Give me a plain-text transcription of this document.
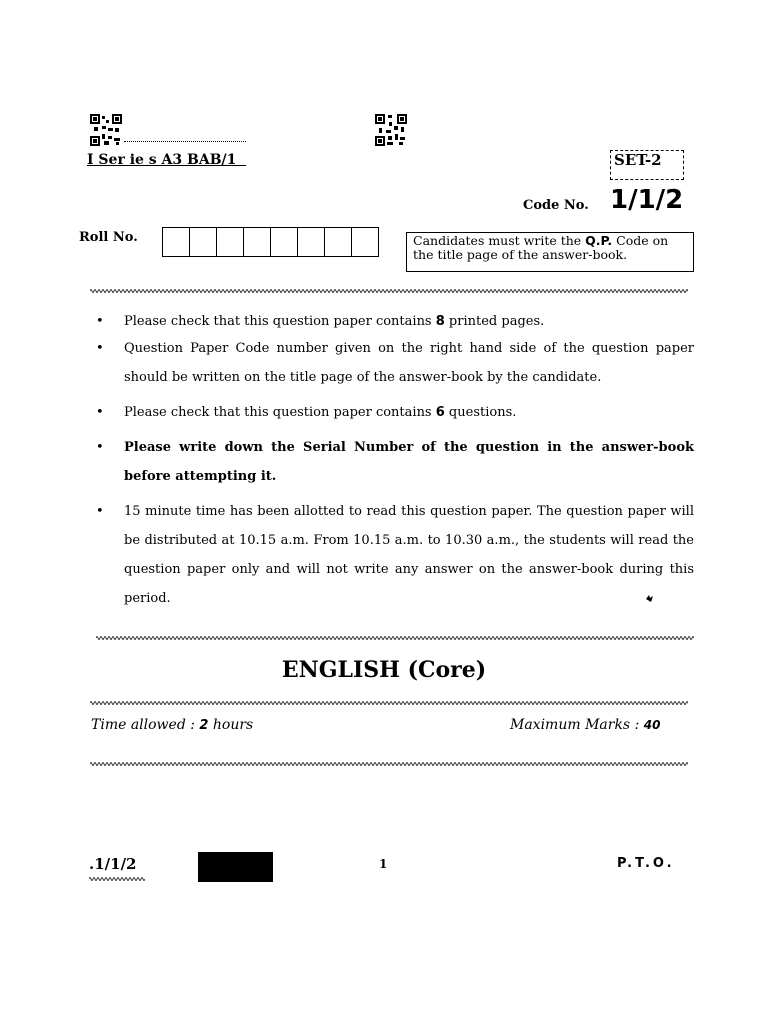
I Ser ie s A3 BAB/1	SET-2
Code No. 1/1/2
Roll No.	Candidates must write the Q.P. Code on the title page of the answer-book.
• Please check that this question paper contains 8 printed pages.
• Question Paper Code number given on the right hand side of the question paper should be written on the title page of the answer-book by the candidate.
• Please check that this question paper contains 6 questions.
• Please write down the Serial Number of the question in the answer-book before attempting it.
• 15 minute time has been allotted to read this question paper. The question paper will be distributed at 10.15 a.m. From 10.15 a.m. to 10.30 a.m., the students will read the question paper only and will not write any answer on the answer-book during this period.
ENGLISH (Core)
Time allowed : 2 hours	Maximum Marks : 40
.1/1/2	1	P.T.O.
